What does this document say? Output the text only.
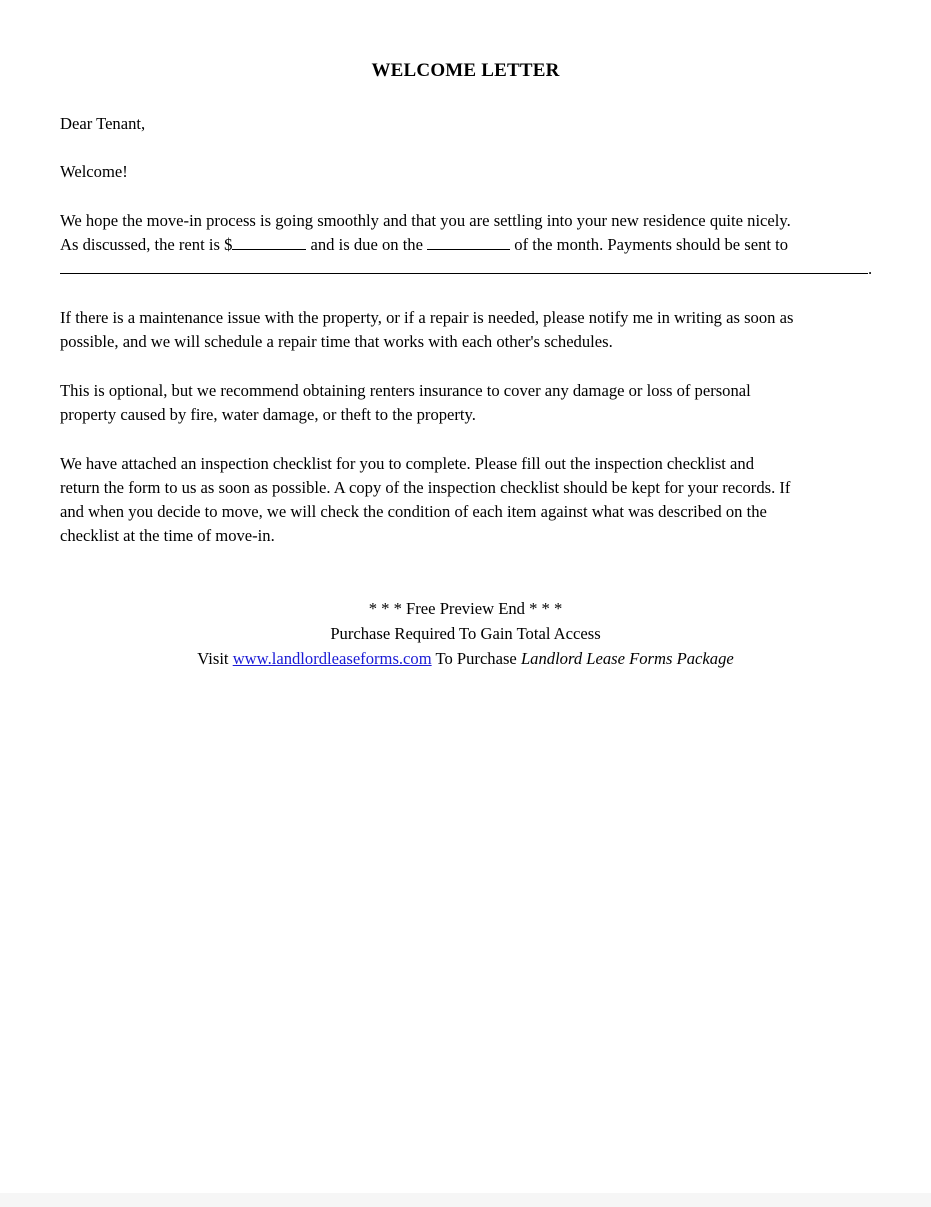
WELCOME LETTER
Dear Tenant,
Welcome!
We hope the move-in process is going smoothly and that you are settling into your new residence quite nicely.
As discussed, the rent is $	and is due on the	of the month. Payments should be sent to
.
If there is a maintenance issue with the property, or if a repair is needed, please notify me in writing as soon as
possible, and we will schedule a repair time that works with each other's schedules.
This is optional, but we recommend obtaining renters insurance to cover any damage or loss of personal
property caused by fire, water damage, or theft to the property.
We have attached an inspection checklist for you to complete. Please fill out the inspection checklist and
return the form to us as soon as possible. A copy of the inspection checklist should be kept for your records. If
and when you decide to move, we will check the condition of each item against what was described on the
checklist at the time of move-in.
* * * Free Preview End * * *
Purchase Required To Gain Total Access
Visit www.landlordleaseforms.com To Purchase Landlord Lease Forms Package
